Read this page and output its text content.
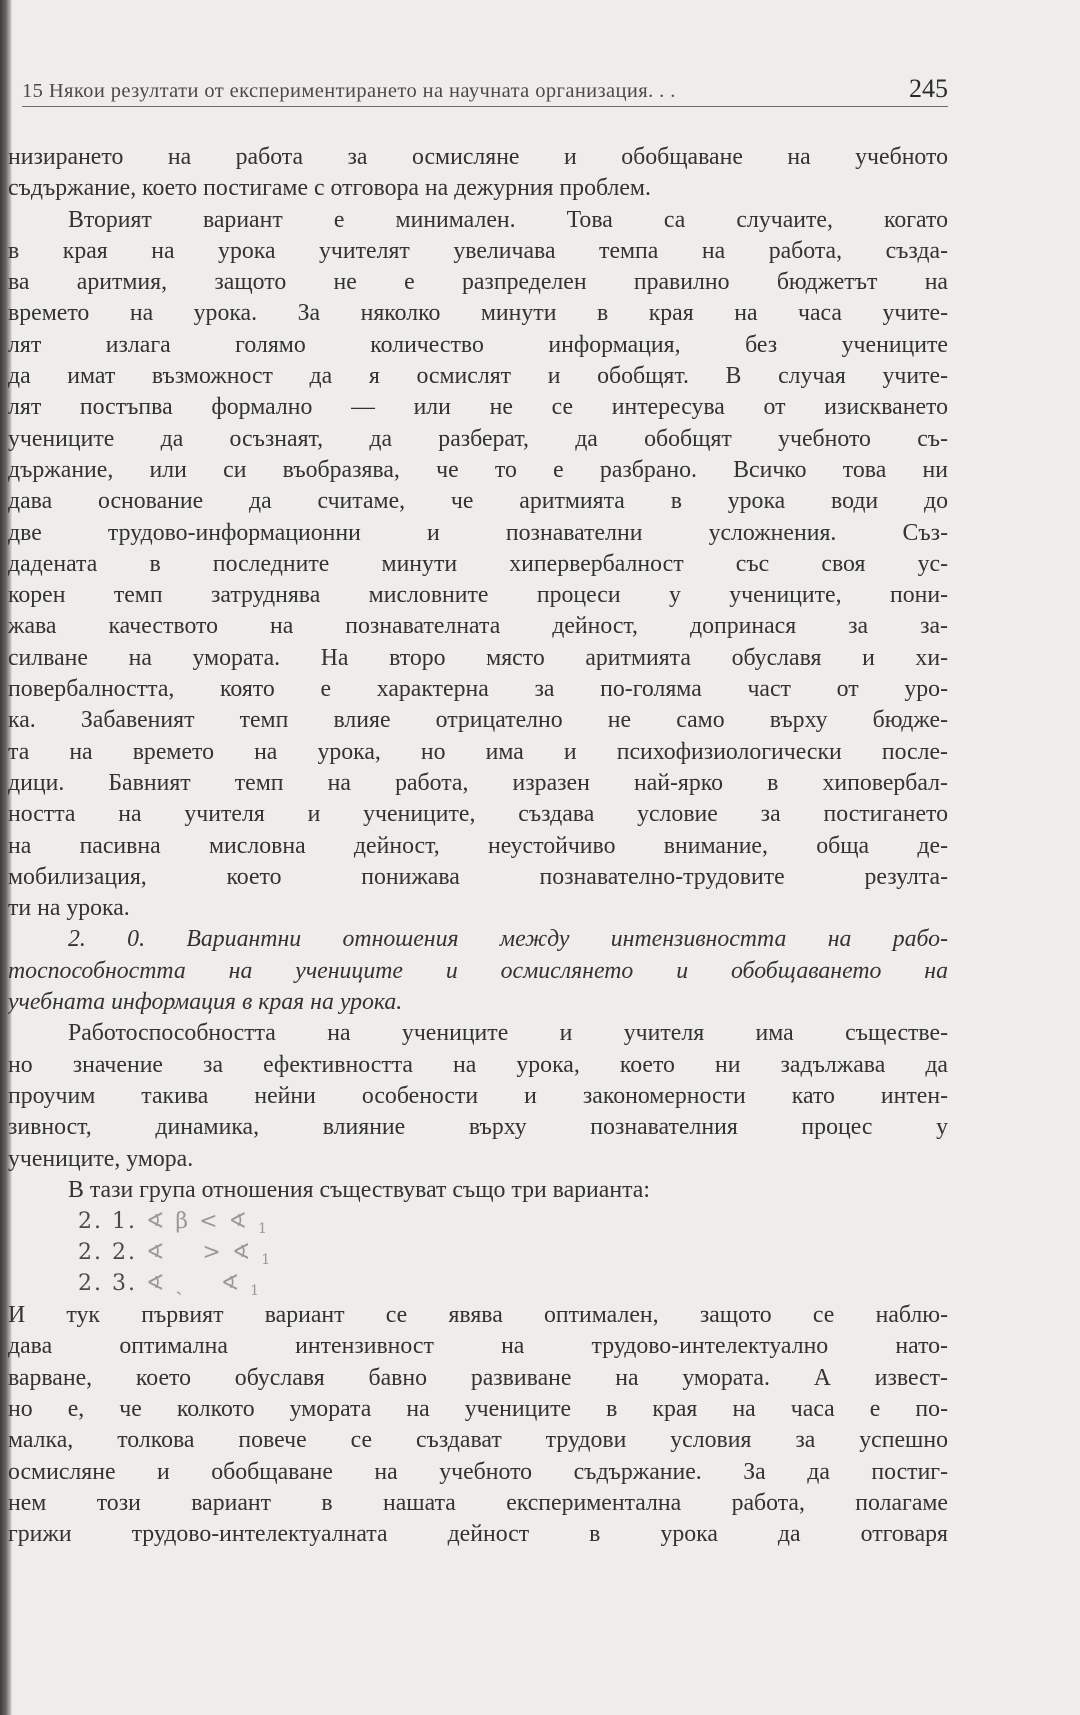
15 Някои резултати от експериментирането на научната организация. . .	245
низирането на работа за осмисляне и обобщаване на учебното
съдържание, което постигаме с отговора на дежурния проблем.
Вторият вариант е минимален. Това са случаите, когато
в края на урока учителят увеличава темпа на работа, създа-
ва аритмия, защото не е разпределен правилно бюджетът на
времето на урока. За няколко минути в края на часа учите-
лят излага голямо количество информация, без учениците
да имат възможност да я осмислят и обобщят. В случая учите-
лят постъпва формално — или не се интересува от изискването
учениците да осъзнаят, да разберат, да обобщят учебното съ-
държание, или си въобразява, че то е разбрано. Всичко това ни
дава основание да считаме, че аритмията в урока води до
две трудово-информационни и познавателни усложнения. Съз-
дадената в последните минути хипервербалност със своя ус-
корен темп затруднява мисловните процеси у учениците, пони-
жава качеството на познавателната дейност, допринася за за-
силване на умората. На второ място аритмията обуславя и хи-
повербалността, която е характерна за по-голяма част от уро-
ка. Забавеният темп влияе отрицателно не само върху бюдже-
та на времето на урока, но има и психофизиологически после-
дици. Бавният темп на работа, изразен най-ярко в хиповербал-
ността на учителя и учениците, създава условие за постигането
на пасивна мисловна дейност, неустойчиво внимание, обща де-
мобилизация, което понижава познавателно-трудовите резулта-
ти на урока.
2. 0. Вариантни отношения между интензивността на рабо-
тоспособността на учениците и осмислянето и обобщаването на
учебната информация в края на урока.
Работоспособността на учениците и учителя има съществе-
но значение за ефективността на урока, което ни задължава да
проучим такива нейни особености и закономерности като интен-
зивност, динамика, влияние върху познавателния процес у
учениците, умора.
В тази група отношения съществуват също три варианта:
2. 1. ∢ β < ∢ $_1$
2. 2. ∢    > ∢ $_1$
2. 3. ∢ ˏ    ∢ $_1$
И тук първият вариант се явява оптимален, защото се наблю-
дава оптимална интензивност на трудово-интелектуално нато-
варване, което обуславя бавно развиване на умората. А извест-
но е, че колкото умората на учениците в края на часа е по-
малка, толкова повече се създават трудови условия за успешно
осмисляне и обобщаване на учебното съдържание. За да постиг-
нем този вариант в нашата експериментална работа, полагаме
грижи трудово-интелектуалната дейност в урока да отговаря
